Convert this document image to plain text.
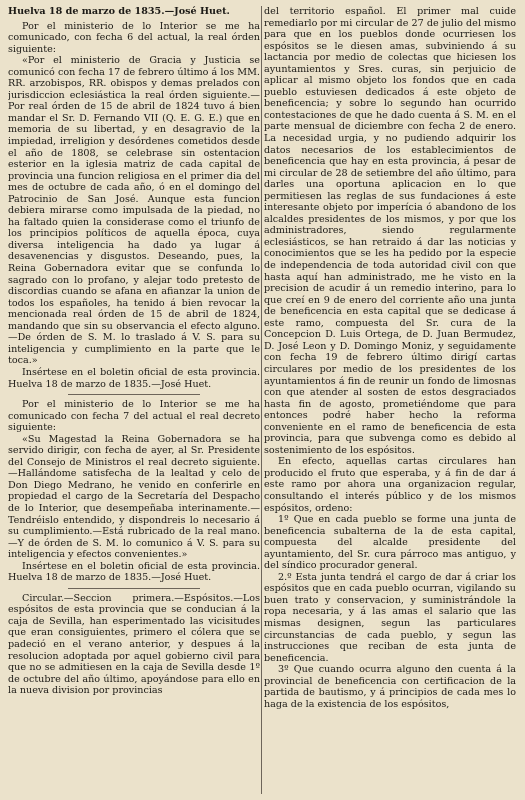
Huelva 18 de marzo de 1835.—José Huet.

Por el ministerio de lo Interior se me ha comunicado, con fecha 6 del actual, la real órden siguiente:

«Por el ministerio de Gracia y Justicia se comunicó con fecha 17 de febrero último á los MM. RR. arzobispos, RR. obispos y demas prelados con jurisdiccion eclesiástica la real órden siguiente.—Por real órden de 15 de abril de 1824 tuvo á bien mandar el Sr. D. Fernando VII (Q. E. G. E.) que en memoria de su libertad, y en desagravio de la impiedad, irreligion y desórdenes cometidos desde el año de 1808, se celebrase sin ostentacion esterior en la iglesia matriz de cada capital de provincia una funcion religiosa en el primer dia del mes de octubre de cada año, ó en el domingo del Patrocinio de San José. Aunque esta funcion debiera mirarse como impulsada de la piedad, no ha faltado quien la considerase como el triunfo de los principios políticos de aquella época, cuya diversa inteligencia ha dado ya lugar á desavenencias y disgustos. Deseando, pues, la Reina Gobernadora evitar que se confunda lo sagrado con lo profano, y alejar todo pretesto de discordias cuando se afana en afianzar la union de todos los españoles, ha tenido á bien revocar la mencionada real órden de 15 de abril de 1824, mandando que sin su observancia el efecto alguno.—De órden de S. M. lo traslado á V. S. para su inteligencia y cumplimiento en la parte que le toca.»

Insértese en el boletin oficial de esta provincia. Huelva 18 de marzo de 1835.—José Huet.

Por el ministerio de lo Interior se me ha comunicado con fecha 7 del actual el real decreto siguiente:

«Su Magestad la Reina Gobernadora se ha servido dirigir, con fecha de ayer, al Sr. Presidente del Consejo de Ministros el real decreto siguiente.—Hallándome satisfecha de la lealtad y celo de Don Diego Medrano, he venido en conferirle en propiedad el cargo de la Secretaría del Despacho de lo Interior, que desempeñaba interinamente.—Tendréislo entendido, y dispondreis lo necesario á su cumplimiento.—Está rubricado de la real mano.—Y de órden de S. M. lo comunico á V. S. para su inteligencia y efectos convenientes.»

Insértese en el boletin oficial de esta provincia. Huelva 18 de marzo de 1835.—José Huet.

Circular.—Seccion primera.—Espósitos.—Los espósitos de esta provincia que se conducian á la caja de Sevilla, han esperimentado las vicisitudes que eran consiguientes, primero el cólera que se padeció en el verano anterior, y despues á la resolucion adoptada por aquel gobierno civil para que no se admitiesen en la caja de Sevilla desde 1º de octubre del año último, apoyándose para ello en la nueva division por provincias

del territorio español. El primer mal cuide remediarlo por mi circular de 27 de julio del mismo para que en los pueblos donde ocurriesen los espósitos se le diesen amas, subviniendo á su lactancia por medio de colectas que hiciesen los ayuntamientos y Sres. curas, sin perjuicio de aplicar al mismo objeto los fondos que en cada pueblo estuviesen dedicados á este objeto de beneficencia; y sobre lo segundo han ocurrido contestaciones de que he dado cuenta á S. M. en el parte mensual de diciembre con fecha 2 de enero. La necesidad urgia, y no pudiendo adquirir los datos necesarios de los establecimientos de beneficencia que hay en esta provincia, á pesar de mi circular de 28 de setiembre del año último, para darles una oportuna aplicacion en lo que permitiesen las reglas de sus fundaciones á este interesante objeto por imperícia ó abandono de los alcaldes presidentes de los mismos, y por que los administradores, siendo regularmente eclesiásticos, se han retraido á dar las noticias y conocimientos que se les ha pedido por la especie de independencia de toda autoridad civil con que hasta aquí han administrado, me he visto en la precision de acudir á un remedio interino, para lo que creí en 9 de enero del corriente año una junta de beneficencia en esta capital que se dedicase á este ramo, compuesta del Sr. cura de la Concepcion D. Luis Ortega, de D. Juan Bermudez, D. José Leon y D. Domingo Moniz, y seguidamente con fecha 19 de febrero último dirigí cartas circulares por medio de los presidentes de los ayuntamientos á fin de reunir un fondo de limosnas con que atender al sosten de estos desgraciados hasta fin de agosto, prometiéndome que para entonces podré haber hecho la reforma conveniente en el ramo de beneficencia de esta provincia, para que subvenga como es debido al sostenimiento de los espósitos.

En efecto, aquellas cartas circulares han producido el fruto que esperaba, y á fin de dar á este ramo por ahora una organizacion regular, consultando el interés público y de los mismos espósitos, ordeno:

1º Que en cada pueblo se forme una junta de beneficencia subalterna de la de esta capital, compuesta del alcalde presidente del ayuntamiento, del Sr. cura párroco mas antiguo, y del síndico procurador general.

2.º Esta junta tendrá el cargo de dar á criar los espósitos que en cada pueblo ocurran, vigilando su buen trato y conservacion, y suministrándole la ropa necesaria, y á las amas el salario que las mismas designen, segun las particulares circunstancias de cada pueblo, y segun las instrucciones que reciban de esta junta de beneficencia.

3º Que cuando ocurra alguno den cuenta á la provincial de beneficencia con certificacion de la partida de bautismo, y á principios de cada mes lo haga de la existencia de los espósitos,
